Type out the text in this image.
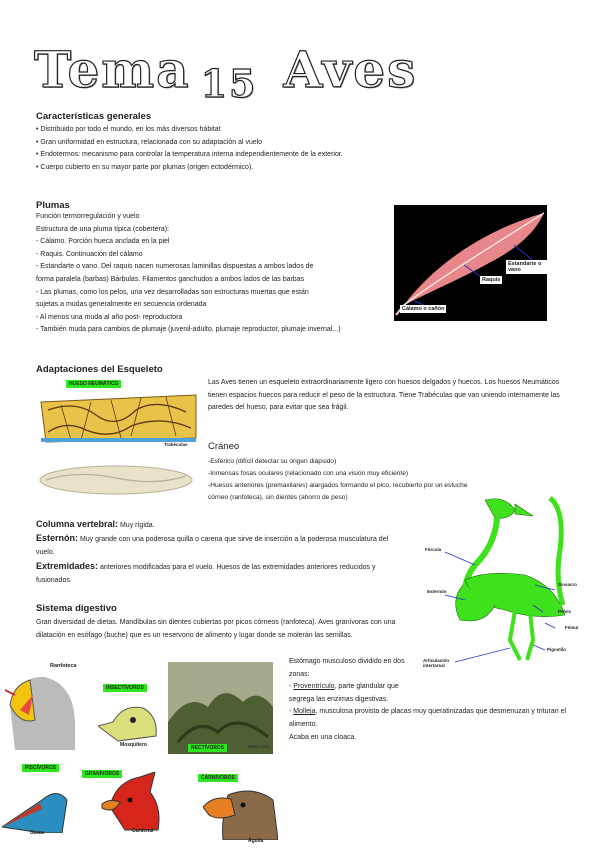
Tema $_{15}$ Aves
Características generales

• Distribuido por todo el mundo, en los más diversos hábitat

• Gran uniformidad en estructura, relacionada con su adaptación al vuelo

• Endotermos: mecanismo para controlar la temperatura interna independientemente de la exterior.

• Cuerpo cubierto en su mayor parte por plumas (origen ectodérmico).

Plumas

Función termorregulación y vuelo

Estructura de una pluma típica (cobertera):

- Cálamo. Porción hueca anclada en la piel

- Raquis. Continuación del cálamo

- Estandarte o vano. Del raquis nacen numerosas laminillas dispuestas a ambos lados de

forma paralela (barbas) Bárbulas. Filamentos ganchudos a ambos lados de las barbas

- Las plumas, como los pelos, una vez desarrolladas son estructuras muertas que están

sujetas a mudas generalmente en secuencia ordenada

- Al menos una muda al año post- reproductora

- También muda para cambios de plumaje (juvenil-adulto, plumaje reproductor, plumaje invernal...)

Estandarte o vano
Raquis
Cálamo o cañón
Adaptaciones del Esqueleto
Las Aves tienen un esqueleto extraordinariamente ligero con huesos delgados y huecos. Los huesos Neumáticos tienen espacios huecos para reducir el peso de la estructura. Tiene Trabéculas que van uniendo internamente las paredes del hueso, para evitar que sea frágil.
HUESO NEUMÁTICO
Trabéculas Cráneo

-Esférico (difícil detectar su origen diápsido)

-Inmensas fosas oculares (relacionado con una visión muy eficiente)

-Huesos anteriores (premaxilares) alargados formando el pico, recubierto por un estuche

córneo (ranfoteca), sin dientes (ahorro de peso)

Columna vertebral: Muy rígida.
Esternón: Muy grande con una poderosa quilla o carena que sirve de inserción a la poderosa musculatura del vuelo.
Extremidades: anteriores modificadas para el vuelo. Huesos de las extremidades anteriores reducidos y fusionados.
Fúrcula
Esternón
Sinsacro
Pelvis
Fémur
Pigostilo
Articulación intertarsal
Sistema digestivo
Gran diversidad de dietas. Mandíbulas sin dientes cubiertas por picos córneos (ranfoteca). Aves granívoras con una dilatación en esófago (buche) que es un reservorio de alimento y lugar donde se molerán las semillas.
Estómago musculoso dividido en dos zonas:
- Proventrículo, parte glandular que segrega las enzimas digestivas.
- Molleja, musculosa provista de placas muy queratinizadas que desmenuzan y trituran el alimento.
Acaba en una cloaca.
Ranfoteca
INSECTÍVOROS
Mosquitero	NECTÍVOROS	PBBC 1979
PISCÍVOROS
Garza
GRANÍVOROS
Cardenal
CARNÍVOROS
Águila
